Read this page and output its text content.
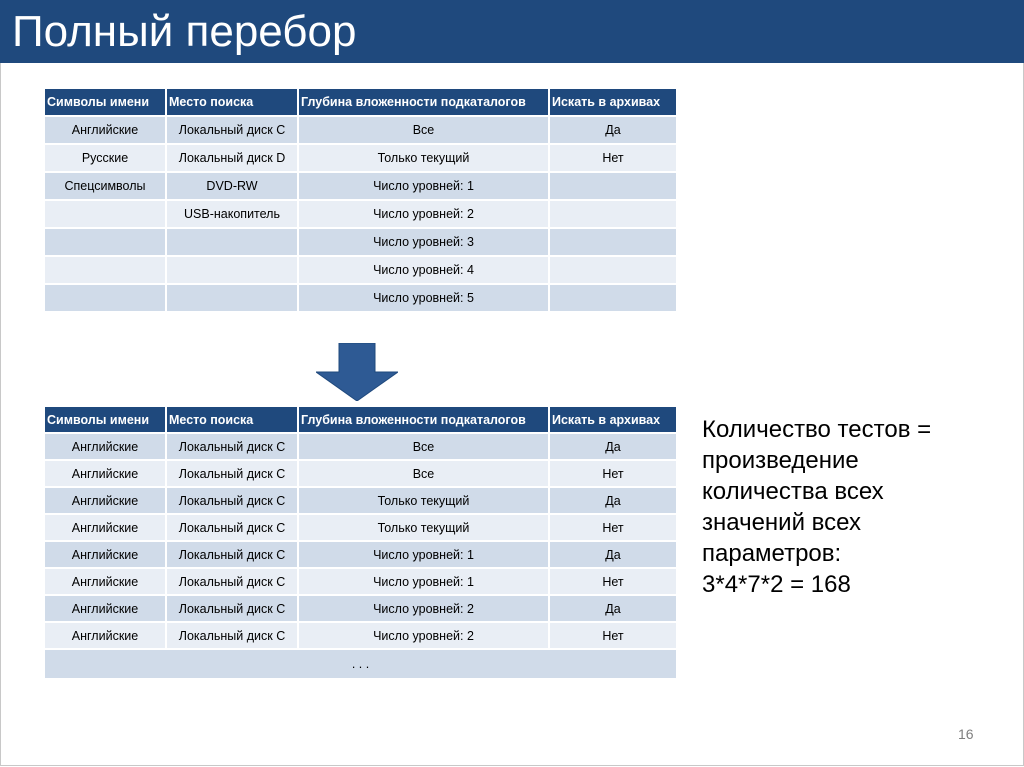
Полный перебор
Символы имени	Место поиска	Глубина вложенности подкаталогов	Искать в архивах
Английские	Локальный диск C	Все	Да
Русские	Локальный диск D	Только текущий	Нет
Спецсимволы	DVD-RW	Число уровней: 1	
	USB-накопитель	Число уровней: 2	
		Число уровней: 3	
		Число уровней: 4	
		Число уровней: 5	
Символы имени	Место поиска	Глубина вложенности подкаталогов	Искать в архивах
Английские	Локальный диск C	Все	Да
Английские	Локальный диск C	Все	Нет
Английские	Локальный диск C	Только текущий	Да
Английские	Локальный диск C	Только текущий	Нет
Английские	Локальный диск C	Число уровней: 1	Да
Английские	Локальный диск C	Число уровней: 1	Нет
Английские	Локальный диск C	Число уровней: 2	Да
Английские	Локальный диск C	Число уровней: 2	Нет
. . .			
Количество тестов =
произведение
количества всех
значений всех
параметров:
3*4*7*2 = 168
16
